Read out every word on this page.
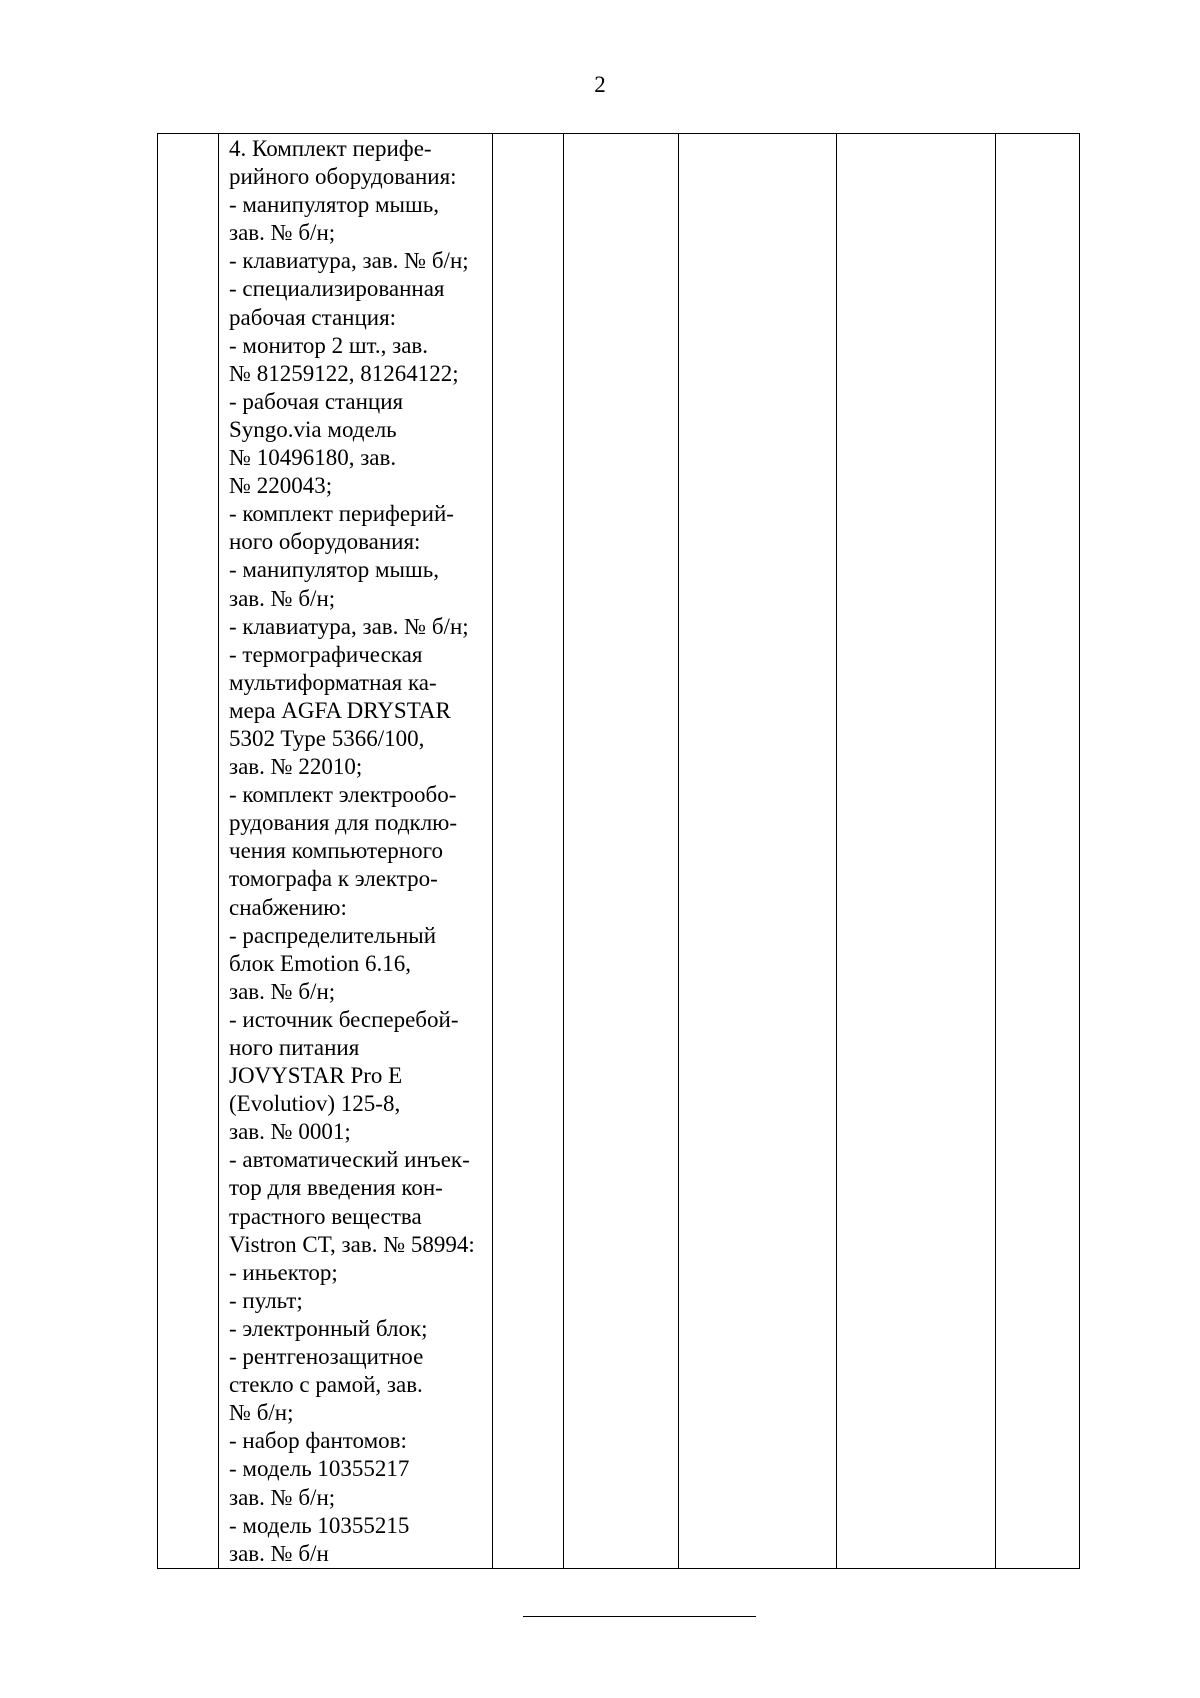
2

4. Комплект перифе-
рийного оборудования:
- манипулятор мышь,
зав. № б/н;
- клавиатура, зав. № б/н;
- специализированная
рабочая станция:
- монитор 2 шт., зав.
№ 81259122, 81264122;
- рабочая станция
Syngo.via модель
№ 10496180, зав.
№ 220043;
- комплект периферий-
ного оборудования:
- манипулятор мышь,
зав. № б/н;
- клавиатура, зав. № б/н;
- термографическая
мультиформатная ка-
мера AGFA DRYSTAR
5302 Type 5366/100,
зав. № 22010;
- комплект электрообо-
рудования для подклю-
чения компьютерного
томографа к электро-
снабжению:
- распределительный
блок Emotion 6.16,
зав. № б/н;
- источник бесперебой-
ного питания
JOVYSTAR Pro E
(Evolutiov) 125-8,
зав. № 0001;
- автоматический инъек-
тор для введения кон-
трастного вещества
Vistron CT, зав. № 58994:
- иньектор;
- пульт;
- электронный блок;
- рентгенозащитное
стекло с рамой, зав.
№ б/н;
- набор фантомов:
- модель 10355217
зав. № б/н;
- модель 10355215
зав. № б/н
